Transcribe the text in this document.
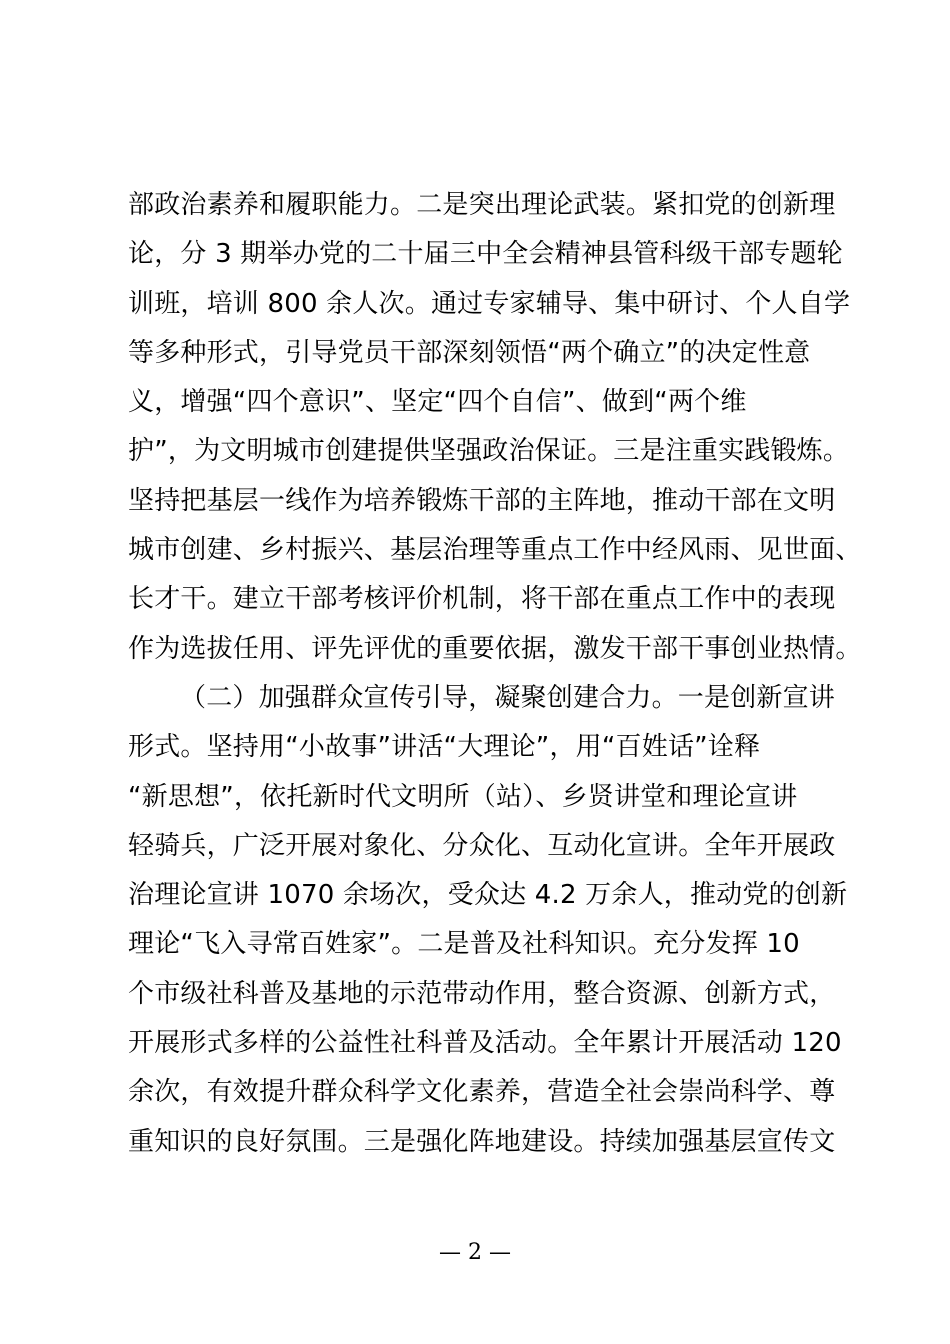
部政治素养和履职能力。二是突出理论武装。紧扣党的创新理
论，分 3 期举办党的二十届三中全会精神县管科级干部专题轮
训班，培训 800 余人次。通过专家辅导、集中研讨、个人自学
等多种形式，引导党员干部深刻领悟“两个确立”的决定性意
义，增强“四个意识”、坚定“四个自信”、做到“两个维
护”，为文明城市创建提供坚强政治保证。三是注重实践锻炼。
坚持把基层一线作为培养锻炼干部的主阵地，推动干部在文明
城市创建、乡村振兴、基层治理等重点工作中经风雨、见世面、
长才干。建立干部考核评价机制，将干部在重点工作中的表现
作为选拔任用、评先评优的重要依据，激发干部干事创业热情。
（二）加强群众宣传引导，凝聚创建合力。一是创新宣讲
形式。坚持用“小故事”讲活“大理论”，用“百姓话”诠释
“新思想”，依托新时代文明所（站）、乡贤讲堂和理论宣讲
轻骑兵，广泛开展对象化、分众化、互动化宣讲。全年开展政
治理论宣讲 1070 余场次，受众达 4.2 万余人，推动党的创新
理论“飞入寻常百姓家”。二是普及社科知识。充分发挥 10
个市级社科普及基地的示范带动作用，整合资源、创新方式，
开展形式多样的公益性社科普及活动。全年累计开展活动 120
余次，有效提升群众科学文化素养，营造全社会崇尚科学、尊
重知识的良好氛围。三是强化阵地建设。持续加强基层宣传文
— 2 —
